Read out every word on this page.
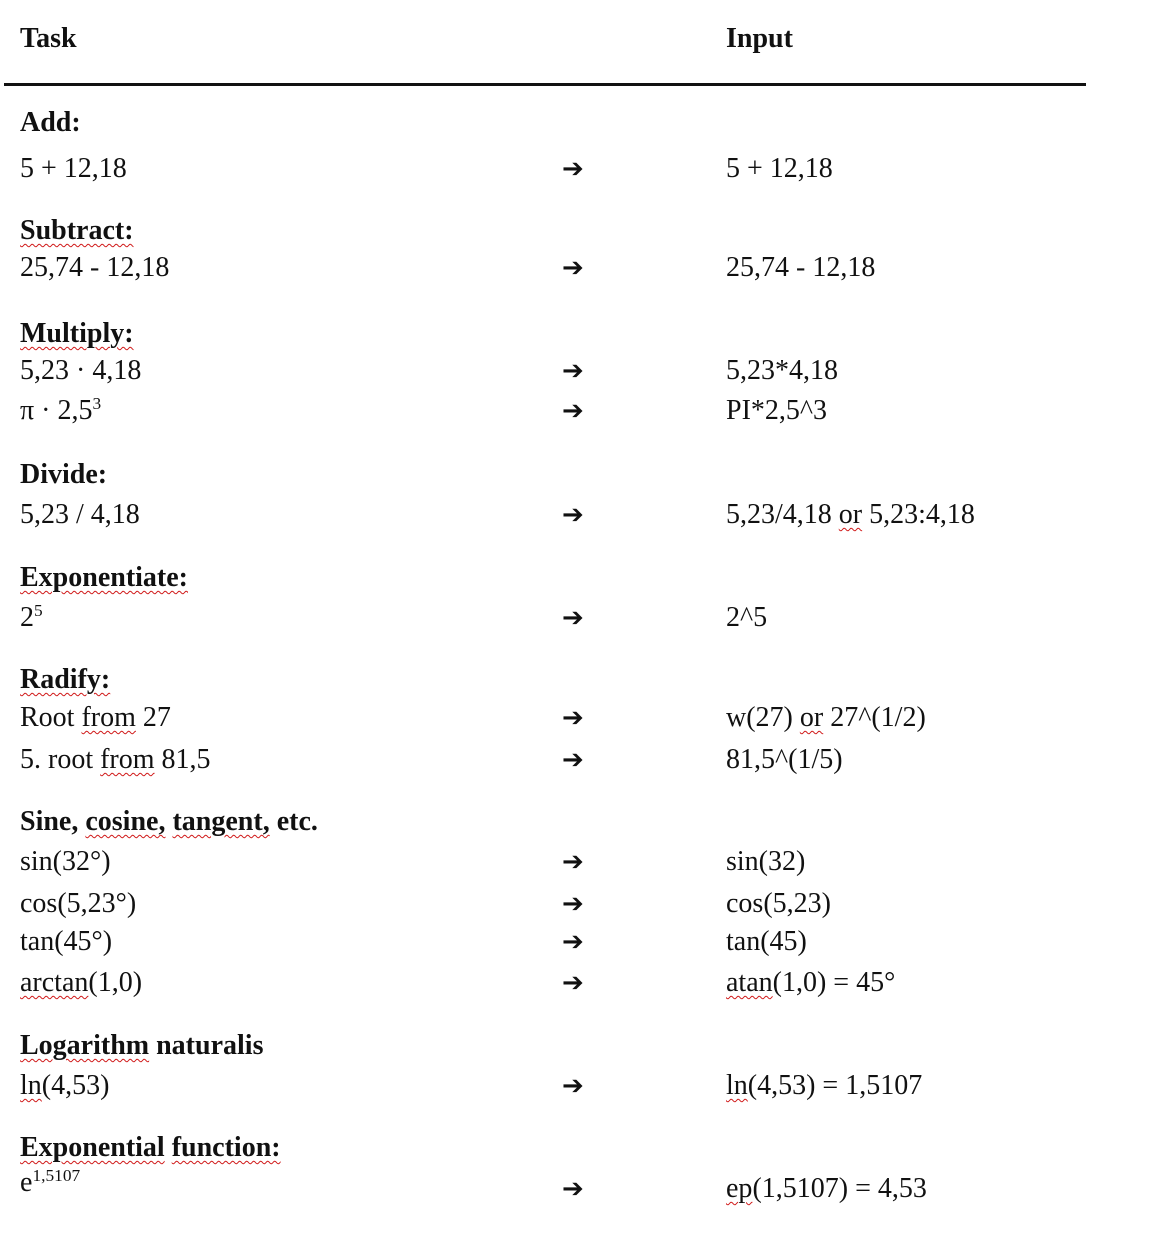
Task	Input
Add:
5 + 12,18	➔	5 + 12,18
Subtract:
25,74 - 12,18	➔	25,74 - 12,18
Multiply:
5,23 · 4,18	➔	5,23*4,18
$\pi \cdot 2,5^3$	➔	PI*2,5^3
Divide:
5,23 / 4,18	➔	5,23/4,18 or 5,23:4,18
Exponentiate:
$2^5$	➔	2^5
Radify:
Root from 27	➔	w(27) or 27^(1/2)
5. root from 81,5	➔	81,5^(1/5)
Sine, cosine, tangent, etc.
sin(32°)	➔	sin(32)
cos(5,23°)	➔	cos(5,23)
tan(45°)	➔	tan(45)
arctan(1,0)	➔	atan(1,0) = 45°
Logarithm naturalis
ln(4,53)	➔	ln(4,53) = 1,5107
Exponential function:
$e^{1,5107}$	➔	ep(1,5107) = 4,53
